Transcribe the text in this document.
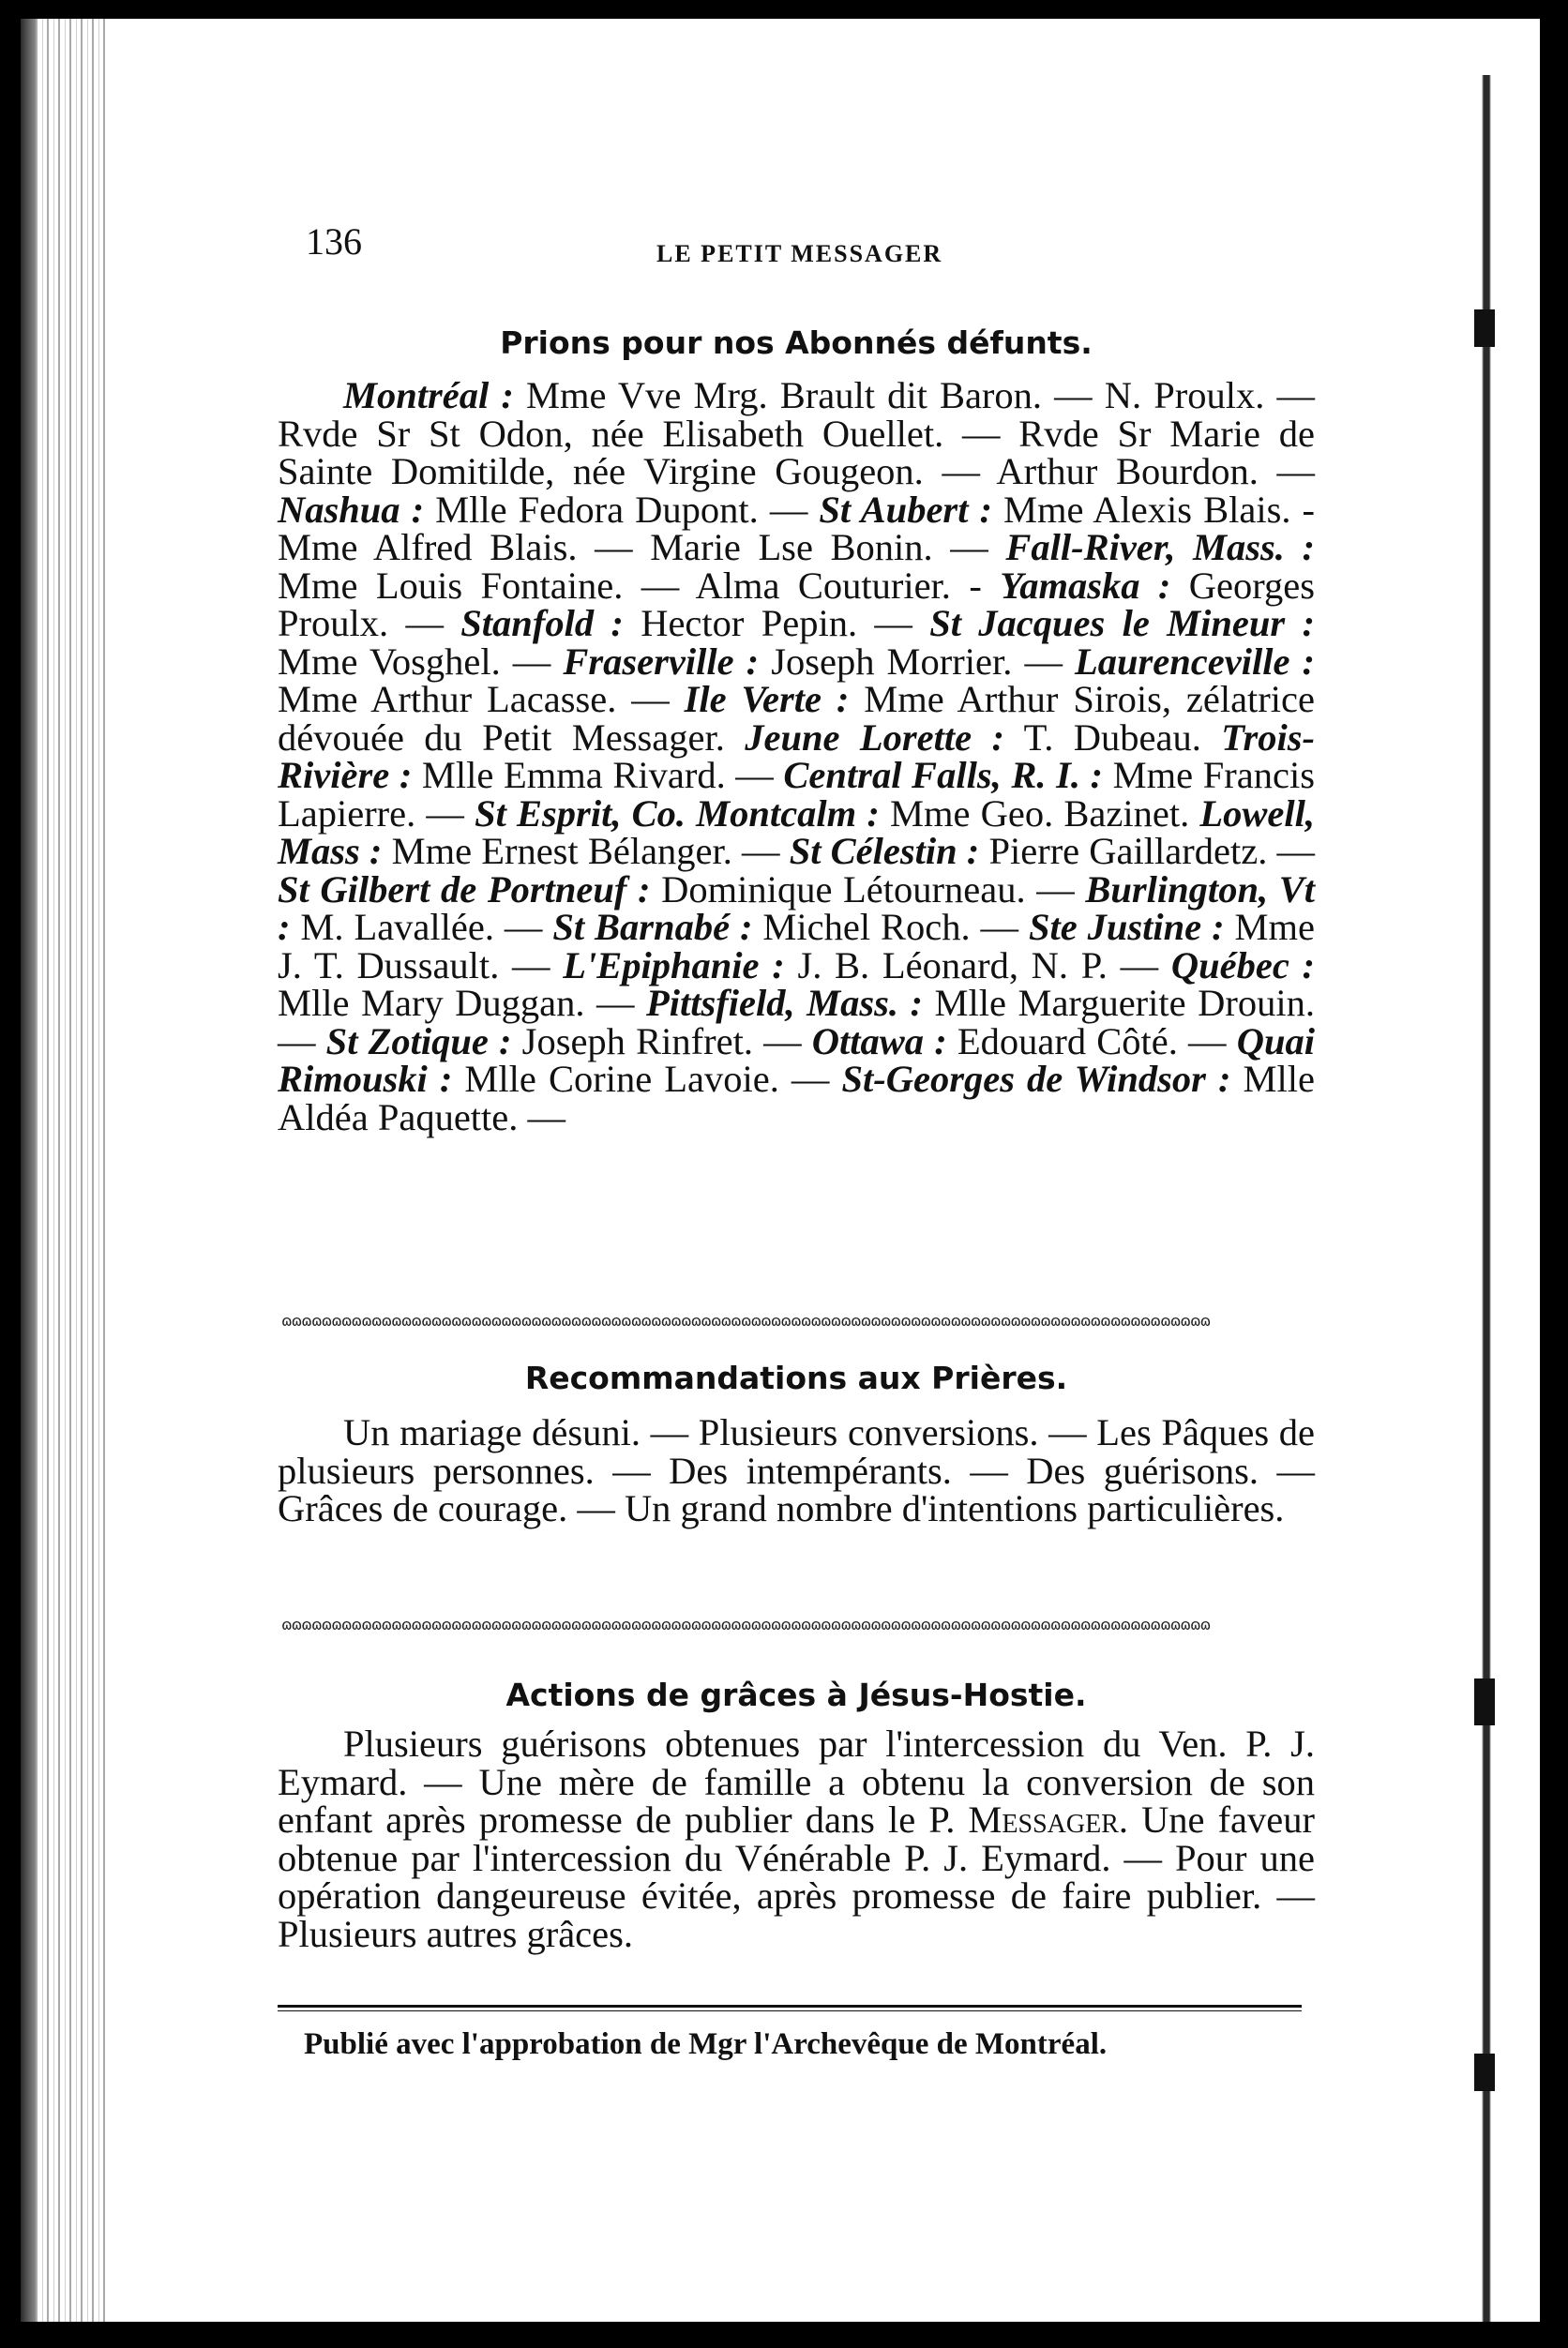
136	LE PETIT MESSAGER
Prions pour nos Abonnés défunts.
Montréal : Mme Vve Mrg. Brault dit Baron. — N. Proulx. — Rvde Sr St Odon, née Elisabeth Ouellet. — Rvde Sr Marie de Sainte Domitilde, née Virgine Gougeon. — Arthur Bourdon. — Nashua : Mlle Fedora Dupont. — St Aubert : Mme Alexis Blais. - Mme Alfred Blais. — Marie Lse Bonin. — Fall-River, Mass. : Mme Louis Fontaine. — Alma Couturier. - Yamaska : Georges Proulx. — Stanfold : Hector Pepin. — St Jacques le Mineur : Mme Vosghel. — Fraserville : Joseph Morrier. — Laurenceville : Mme Arthur Lacasse. — Ile Verte : Mme Arthur Sirois, zélatrice dévouée du Petit Messager. Jeune Lorette : T. Dubeau. Trois-Rivière : Mlle Emma Rivard. — Central Falls, R. I. : Mme Francis Lapierre. — St Esprit, Co. Montcalm : Mme Geo. Bazinet. Lowell, Mass : Mme Ernest Bélanger. — St Célestin : Pierre Gaillardetz. — St Gilbert de Portneuf : Dominique Létourneau. — Burlington, Vt : M. Lavallée. — St Barnabé : Michel Roch. — Ste Justine : Mme J. T. Dussault. — L'Epiphanie : J. B. Léonard, N. P. — Québec : Mlle Mary Duggan. — Pittsfield, Mass. : Mlle Marguerite Drouin. — St Zotique : Joseph Rinfret. — Ottawa : Edouard Côté. — Quai Rimouski : Mlle Corine Lavoie. — St-Georges de Windsor : Mlle Aldéa Paquette. —
ɷɷɷɷɷɷɷɷɷɷɷɷɷɷɷɷɷɷɷɷɷɷɷɷɷɷɷɷɷɷɷɷɷɷɷɷɷɷɷɷɷɷɷɷɷɷɷɷɷɷɷɷɷɷɷɷɷɷɷɷɷɷɷɷɷɷɷɷɷɷɷɷɷɷɷɷɷɷɷɷɷɷɷɷɷɷɷɷɷɷɷɷɷ
Recommandations aux Prières.
Un mariage désuni. — Plusieurs conversions. — Les Pâques de plusieurs personnes. — Des intempérants. — Des guérisons. — Grâces de courage. — Un grand nombre d'intentions particulières.
ɷɷɷɷɷɷɷɷɷɷɷɷɷɷɷɷɷɷɷɷɷɷɷɷɷɷɷɷɷɷɷɷɷɷɷɷɷɷɷɷɷɷɷɷɷɷɷɷɷɷɷɷɷɷɷɷɷɷɷɷɷɷɷɷɷɷɷɷɷɷɷɷɷɷɷɷɷɷɷɷɷɷɷɷɷɷɷɷɷɷɷɷɷ
Actions de grâces à Jésus-Hostie.
Plusieurs guérisons obtenues par l'intercession du Ven. P. J. Eymard. — Une mère de famille a obtenu la conversion de son enfant après promesse de publier dans le P. Messager. Une faveur obtenue par l'intercession du Vénérable P. J. Eymard. — Pour une opération dangeureuse évitée, après promesse de faire publier. — Plusieurs autres grâces.
Publié avec l'approbation de Mgr l'Archevêque de Montréal.
